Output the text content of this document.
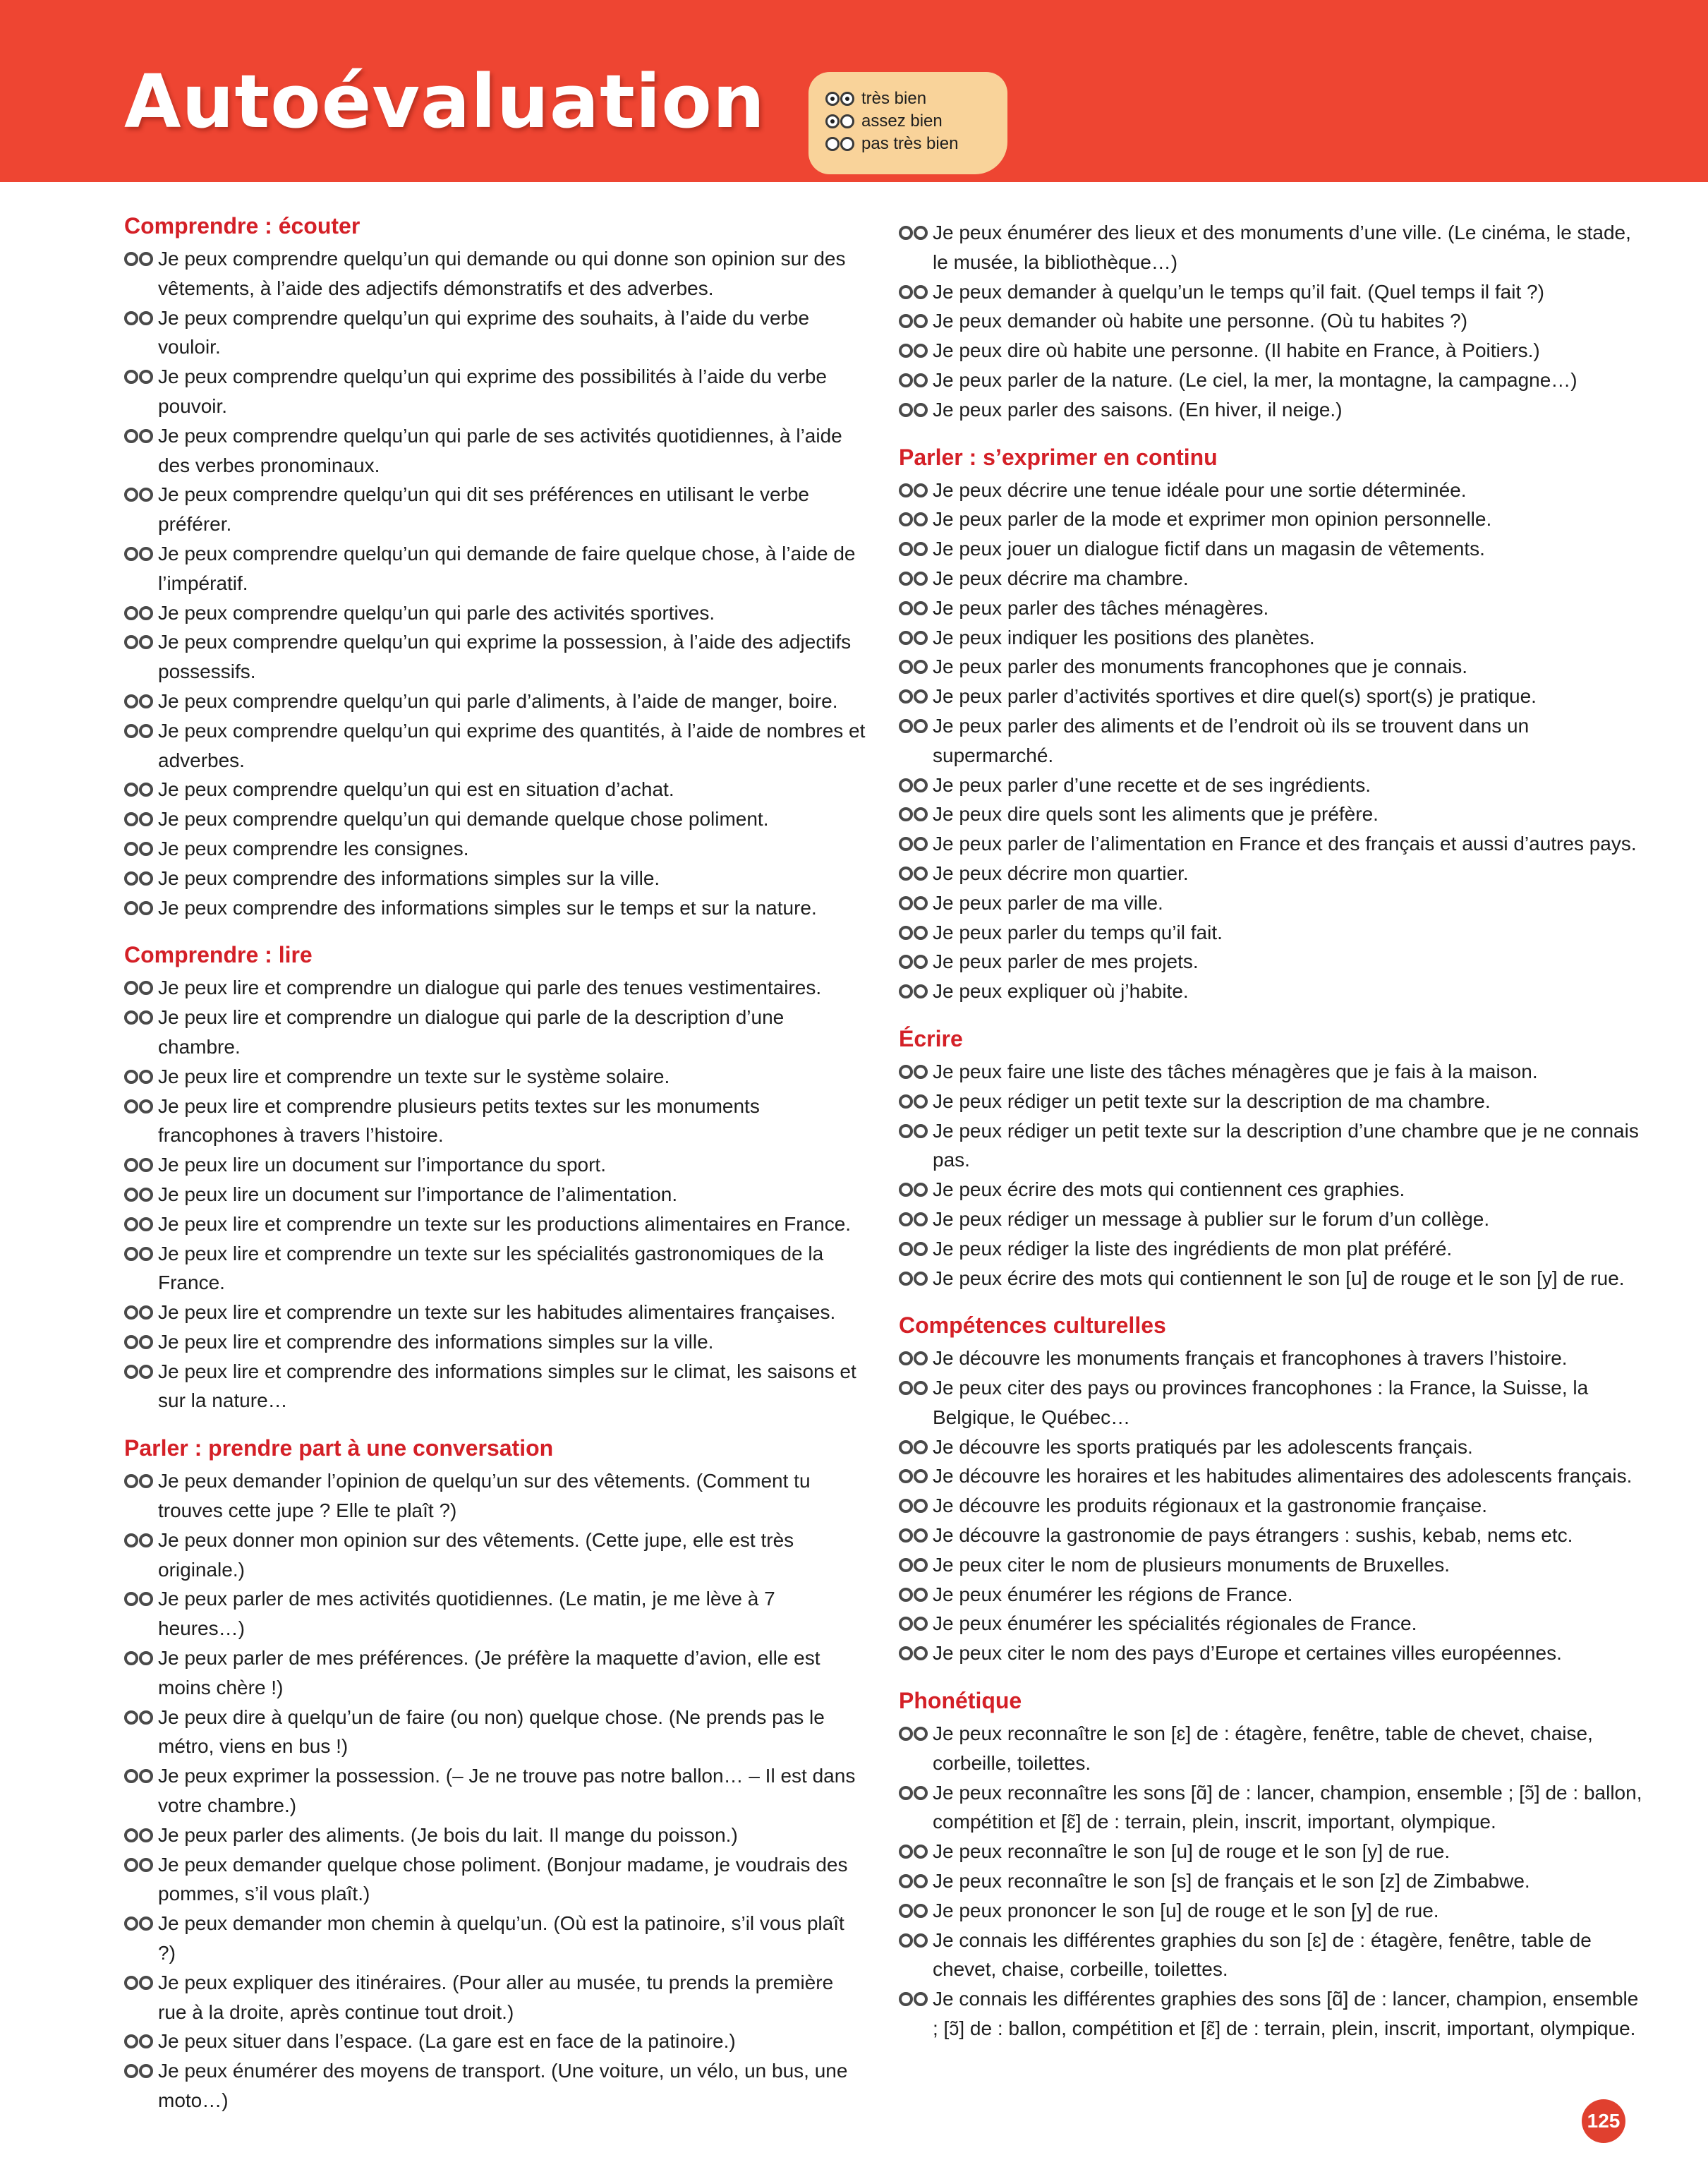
Autoévaluation	très bien
assez bien
pas très bien
Comprendre : écouter
Je peux comprendre quelqu’un qui demande ou qui donne son opinion sur des vêtements, à l’aide des adjectifs démonstratifs et des adverbes.
Je peux comprendre quelqu’un qui exprime des souhaits, à l’aide du verbe vouloir.
Je peux comprendre quelqu’un qui exprime des possibilités à l’aide du verbe pouvoir.
Je peux comprendre quelqu’un qui parle de ses activités quotidiennes, à l’aide des verbes pronominaux.
Je peux comprendre quelqu’un qui dit ses préférences en utilisant le verbe préférer.
Je peux comprendre quelqu’un qui demande de faire quelque chose, à l’aide de l’impératif.
Je peux comprendre quelqu’un qui parle des activités sportives.
Je peux comprendre quelqu’un qui exprime la possession, à l’aide des adjectifs possessifs.
Je peux comprendre quelqu’un qui parle d’aliments, à l’aide de manger, boire.
Je peux comprendre quelqu’un qui exprime des quantités, à l’aide de nombres et adverbes.
Je peux comprendre quelqu’un qui est en situation d’achat.
Je peux comprendre quelqu’un qui demande quelque chose poliment.
Je peux comprendre les consignes.
Je peux comprendre des informations simples sur la ville.
Je peux comprendre des informations simples sur le temps et sur la nature.
Comprendre : lire
Je peux lire et comprendre un dialogue qui parle des tenues vestimentaires.
Je peux lire et comprendre un dialogue qui parle de la description d’une chambre.
Je peux lire et comprendre un texte sur le système solaire.
Je peux lire et comprendre plusieurs petits textes sur les monuments francophones à travers l’histoire.
Je peux lire un document sur l’importance du sport.
Je peux lire un document sur l’importance de l’alimentation.
Je peux lire et comprendre un texte sur les productions alimentaires en France.
Je peux lire et comprendre un texte sur les spécialités gastronomiques de la France.
Je peux lire et comprendre un texte sur les habitudes alimentaires françaises.
Je peux lire et comprendre des informations simples sur la ville.
Je peux lire et comprendre des informations simples sur le climat, les saisons et sur la nature…
Parler : prendre part à une conversation
Je peux demander l’opinion de quelqu’un sur des vêtements. (Comment tu trouves cette jupe ? Elle te plaît ?)
Je peux donner mon opinion sur des vêtements. (Cette jupe, elle est très originale.)
Je peux parler de mes activités quotidiennes. (Le matin, je me lève à 7 heures…)
Je peux parler de mes préférences. (Je préfère la maquette d’avion, elle est moins chère !)
Je peux dire à quelqu’un de faire (ou non) quelque chose. (Ne prends pas le métro, viens en bus !)
Je peux exprimer la possession. (– Je ne trouve pas notre ballon… – Il est dans votre chambre.)
Je peux parler des aliments. (Je bois du lait. Il mange du poisson.)
Je peux demander quelque chose poliment. (Bonjour madame, je voudrais des pommes, s’il vous plaît.)
Je peux demander mon chemin à quelqu’un. (Où est la patinoire, s’il vous plaît ?)
Je peux expliquer des itinéraires. (Pour aller au musée, tu prends la première rue à la droite, après continue tout droit.)
Je peux situer dans l’espace. (La gare est en face de la patinoire.)
Je peux énumérer des moyens de transport. (Une voiture, un vélo, un bus, une moto…)
Je peux énumérer des lieux et des monuments d’une ville. (Le cinéma, le stade, le musée, la bibliothèque…)
Je peux demander à quelqu’un le temps qu’il fait. (Quel temps il fait ?)
Je peux demander où habite une personne. (Où tu habites ?)
Je peux dire où habite une personne. (Il habite en France, à Poitiers.)
Je peux parler de la nature. (Le ciel, la mer, la montagne, la campagne…)
Je peux parler des saisons. (En hiver, il neige.)
Parler : s’exprimer en continu
Je peux décrire une tenue idéale pour une sortie déterminée.
Je peux parler de la mode et exprimer mon opinion personnelle.
Je peux jouer un dialogue fictif dans un magasin de vêtements.
Je peux décrire ma chambre.
Je peux parler des tâches ménagères.
Je peux indiquer les positions des planètes.
Je peux parler des monuments francophones que je connais.
Je peux parler d’activités sportives et dire quel(s) sport(s) je pratique.
Je peux parler des aliments et de l’endroit où ils se trouvent dans un supermarché.
Je peux parler d’une recette et de ses ingrédients.
Je peux dire quels sont les aliments que je préfère.
Je peux parler de l’alimentation en France et des français et aussi d’autres pays.
Je peux décrire mon quartier.
Je peux parler de ma ville.
Je peux parler du temps qu’il fait.
Je peux parler de mes projets.
Je peux expliquer où j’habite.
Écrire
Je peux faire une liste des tâches ménagères que je fais à la maison.
Je peux rédiger un petit texte sur la description de ma chambre.
Je peux rédiger un petit texte sur la description d’une chambre que je ne connais pas.
Je peux écrire des mots qui contiennent ces graphies.
Je peux rédiger un message à publier sur le forum d’un collège.
Je peux rédiger la liste des ingrédients de mon plat préféré.
Je peux écrire des mots qui contiennent le son [u] de rouge et le son [y] de rue.
Compétences culturelles
Je découvre les monuments français et francophones à travers l’histoire.
Je peux citer des pays ou provinces francophones : la France, la Suisse, la Belgique, le Québec…
Je découvre les sports pratiqués par les adolescents français.
Je découvre les horaires et les habitudes alimentaires des adolescents français.
Je découvre les produits régionaux et la gastronomie française.
Je découvre la gastronomie de pays étrangers : sushis, kebab, nems etc.
Je peux citer le nom de plusieurs monuments de Bruxelles.
Je peux énumérer les régions de France.
Je peux énumérer les spécialités régionales de France.
Je peux citer le nom des pays d’Europe et certaines villes européennes.
Phonétique
Je peux reconnaître le son [ɛ] de : étagère, fenêtre, table de chevet, chaise, corbeille, toilettes.
Je peux reconnaître les sons [ɑ̃] de : lancer, champion, ensemble ; [ɔ̃] de : ballon, compétition et [ɛ̃] de : terrain, plein, inscrit, important, olympique.
Je peux reconnaître le son [u] de rouge et le son [y] de rue.
Je peux reconnaître le son [s] de français et le son [z] de Zimbabwe.
Je peux prononcer le son [u] de rouge et le son [y] de rue.
Je connais les différentes graphies du son [ɛ] de : étagère, fenêtre, table de chevet, chaise, corbeille, toilettes.
Je connais les différentes graphies des sons [ɑ̃] de : lancer, champion, ensemble ; [ɔ̃] de : ballon, compétition et [ɛ̃] de : terrain, plein, inscrit, important, olympique.
125
